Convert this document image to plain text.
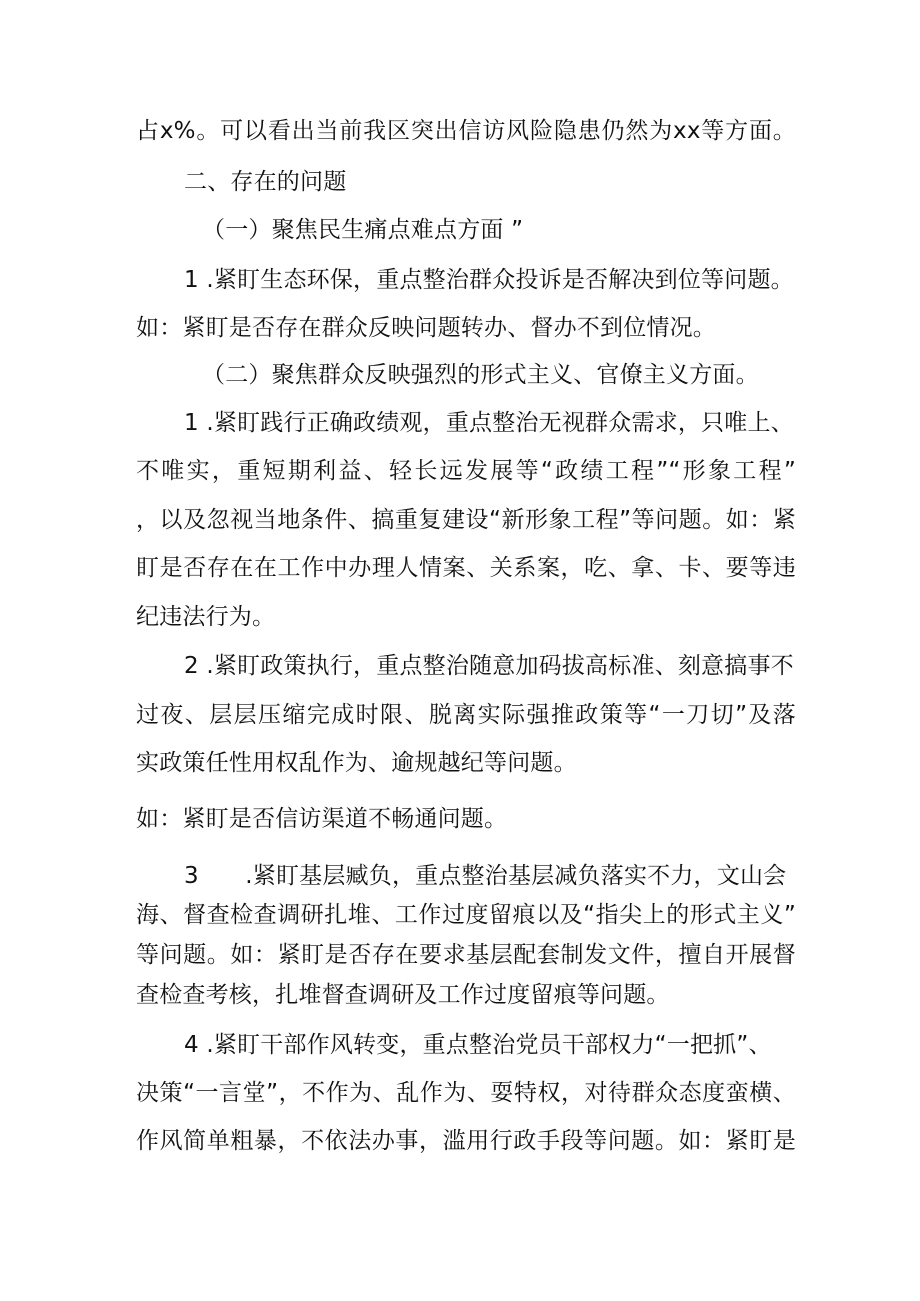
占x%。可以看出当前我区突出信访风险隐患仍然为xx等方面。
二、存在的问题
（一）聚焦民生痛点难点方面 ”
1 .紧盯生态环保，重点整治群众投诉是否解决到位等问题。
如：紧盯是否存在群众反映问题转办、督办不到位情况。
（二）聚焦群众反映强烈的形式主义、官僚主义方面。
1 .紧盯践行正确政绩观，重点整治无视群众需求，只唯上、
不唯实，重短期利益、轻长远发展等“政绩工程”“形象工程”
，以及忽视当地条件、搞重复建设“新形象工程”等问题。如：紧
盯是否存在在工作中办理人情案、关系案，吃、拿、卡、要等违
纪违法行为。
2 .紧盯政策执行，重点整治随意加码拔高标准、刻意搞事不
过夜、层层压缩完成时限、脱离实际强推政策等“一刀切”及落
实政策任性用权乱作为、逾规越纪等问题。
如：紧盯是否信访渠道不畅通问题。
3　　.紧盯基层臧负，重点整治基层减负落实不力，文山会
海、督查检查调研扎堆、工作过度留痕以及“指尖上的形式主义”
等问题。如：紧盯是否存在要求基层配套制发文件，擅自开展督
查检查考核，扎堆督查调研及工作过度留痕等问题。
4 .紧盯干部作风转变，重点整治党员干部权力“一把抓”、
决策“一言堂”，不作为、乱作为、耍特权，对待群众态度蛮横、
作风简单粗暴，不依法办事，滥用行政手段等问题。如：紧盯是
